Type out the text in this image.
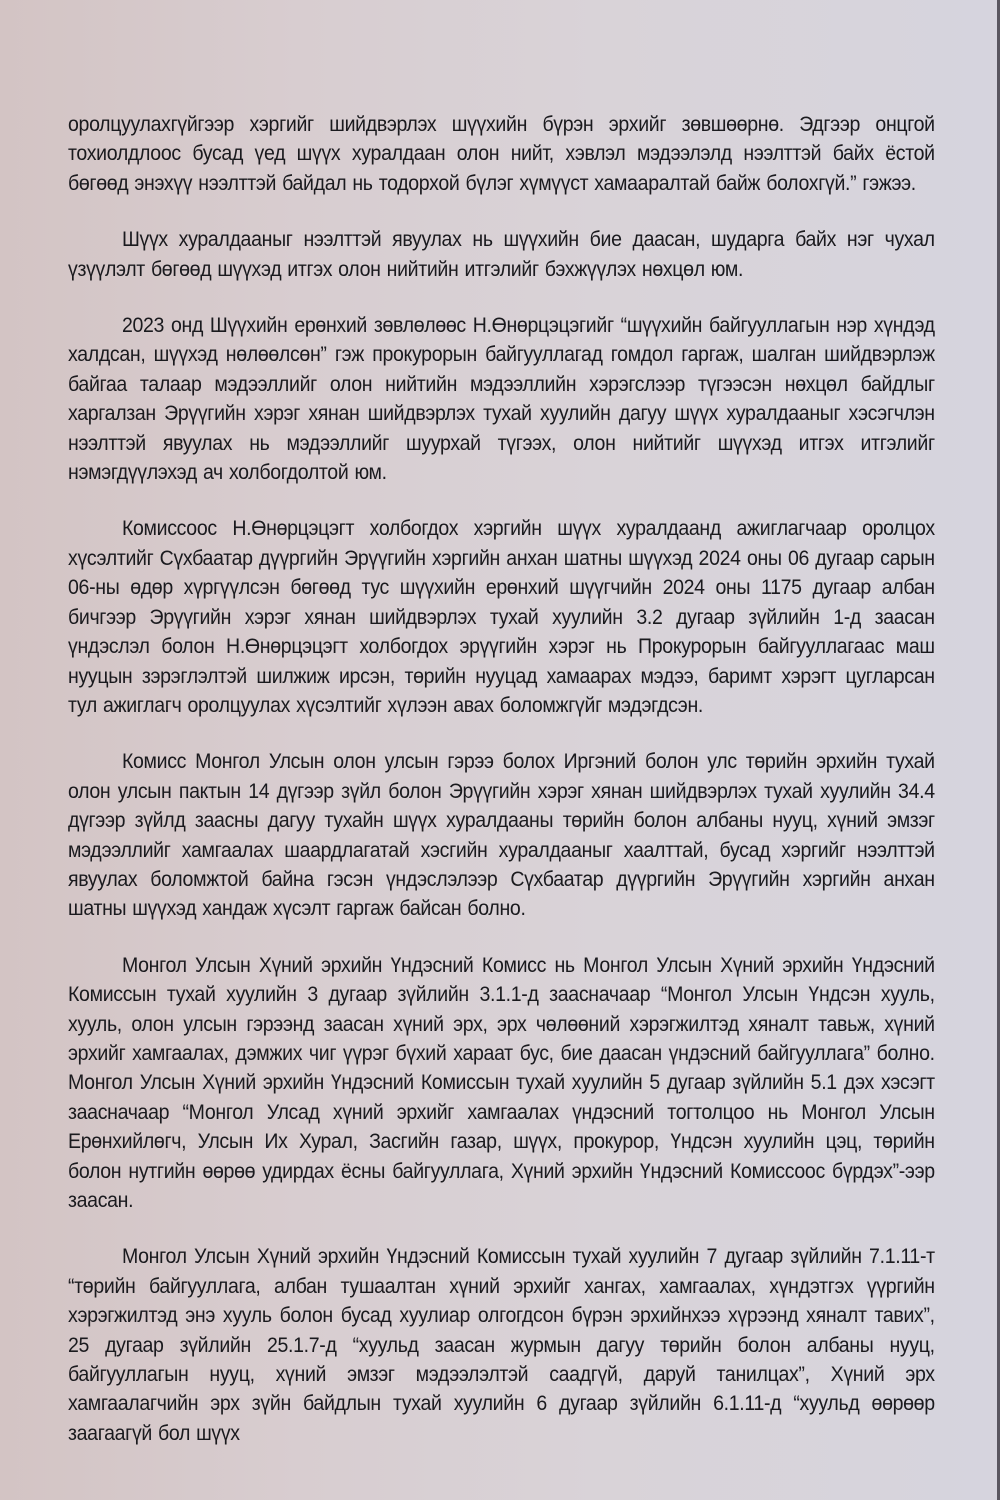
оролцуулахгүйгээр хэргийг шийдвэрлэх шүүхийн бүрэн эрхийг зөвшөөрнө. Эдгээр онцгой тохиолдлоос бусад үед шүүх хуралдаан олон нийт, хэвлэл мэдээлэлд нээлттэй байх ёстой бөгөөд энэхүү нээлттэй байдал нь тодорхой бүлэг хүмүүст хамааралтай байж болохгүй.” гэжээ.

Шүүх хуралдааныг нээлттэй явуулах нь шүүхийн бие даасан, шударга байх нэг чухал үзүүлэлт бөгөөд шүүхэд итгэх олон нийтийн итгэлийг бэхжүүлэх нөхцөл юм.

2023 онд Шүүхийн ерөнхий зөвлөлөөс Н.Өнөрцэцэгийг “шүүхийн байгууллагын нэр хүндэд халдсан, шүүхэд нөлөөлсөн” гэж прокурорын байгууллагад гомдол гаргаж, шалган шийдвэрлэж байгаа талаар мэдээллийг олон нийтийн мэдээллийн хэрэгслээр түгээсэн нөхцөл байдлыг харгалзан Эрүүгийн хэрэг хянан шийдвэрлэх тухай хуулийн дагуу шүүх хуралдааныг хэсэгчлэн нээлттэй явуулах нь мэдээллийг шуурхай түгээх, олон нийтийг шүүхэд итгэх итгэлийг нэмэгдүүлэхэд ач холбогдолтой юм.

Комиссоос Н.Өнөрцэцэгт холбогдох хэргийн шүүх хуралдаанд ажиглагчаар оролцох хүсэлтийг Сүхбаатар дүүргийн Эрүүгийн хэргийн анхан шатны шүүхэд 2024 оны 06 дугаар сарын 06-ны өдөр хүргүүлсэн бөгөөд тус шүүхийн ерөнхий шүүгчийн 2024 оны 1175 дугаар албан бичгээр Эрүүгийн хэрэг хянан шийдвэрлэх тухай хуулийн 3.2 дугаар зүйлийн 1-д заасан үндэслэл болон Н.Өнөрцэцэгт холбогдох эрүүгийн хэрэг нь Прокурорын байгууллагаас маш нууцын зэрэглэлтэй шилжиж ирсэн, төрийн нууцад хамаарах мэдээ, баримт хэрэгт цугларсан тул ажиглагч оролцуулах хүсэлтийг хүлээн авах боломжгүйг мэдэгдсэн.

Комисс Монгол Улсын олон улсын гэрээ болох Иргэний болон улс төрийн эрхийн тухай олон улсын пактын 14 дүгээр зүйл болон Эрүүгийн хэрэг хянан шийдвэрлэх тухай хуулийн 34.4 дүгээр зүйлд заасны дагуу тухайн шүүх хуралдааны төрийн болон албаны нууц, хүний эмзэг мэдээллийг хамгаалах шаардлагатай хэсгийн хуралдааныг хаалттай, бусад хэргийг нээлттэй явуулах боломжтой байна гэсэн үндэслэлээр Сүхбаатар дүүргийн Эрүүгийн хэргийн анхан шатны шүүхэд хандаж хүсэлт гаргаж байсан болно.

Монгол Улсын Хүний эрхийн Үндэсний Комисс нь Монгол Улсын Хүний эрхийн Үндэсний Комиссын тухай хуулийн 3 дугаар зүйлийн 3.1.1-д заасначаар “Монгол Улсын Үндсэн хууль, хууль, олон улсын гэрээнд заасан хүний эрх, эрх чөлөөний хэрэгжилтэд хяналт тавьж, хүний эрхийг хамгаалах, дэмжих чиг үүрэг бүхий хараат бус, бие даасан үндэсний байгууллага” болно. Монгол Улсын Хүний эрхийн Үндэсний Комиссын тухай хуулийн 5 дугаар зүйлийн 5.1 дэх хэсэгт заасначаар “Монгол Улсад хүний эрхийг хамгаалах үндэсний тогтолцоо нь Монгол Улсын Ерөнхийлөгч, Улсын Их Хурал, Засгийн газар, шүүх, прокурор, Үндсэн хуулийн цэц, төрийн болон нутгийн өөрөө удирдах ёсны байгууллага, Хүний эрхийн Үндэсний Комиссоос бүрдэх”-ээр заасан.

Монгол Улсын Хүний эрхийн Үндэсний Комиссын тухай хуулийн 7 дугаар зүйлийн 7.1.11-т “төрийн байгууллага, албан тушаалтан хүний эрхийг хангах, хамгаалах, хүндэтгэх үүргийн хэрэгжилтэд энэ хууль болон бусад хуулиар олгогдсон бүрэн эрхийнхээ хүрээнд хяналт тавих”, 25 дугаар зүйлийн 25.1.7-д “хуульд заасан журмын дагуу төрийн болон албаны нууц, байгууллагын нууц, хүний эмзэг мэдээлэлтэй саадгүй, даруй танилцах”, Хүний эрх хамгаалагчийн эрх зүйн байдлын тухай хуулийн 6 дугаар зүйлийн 6.1.11-д “хуульд өөрөөр заагаагүй бол шүүх
